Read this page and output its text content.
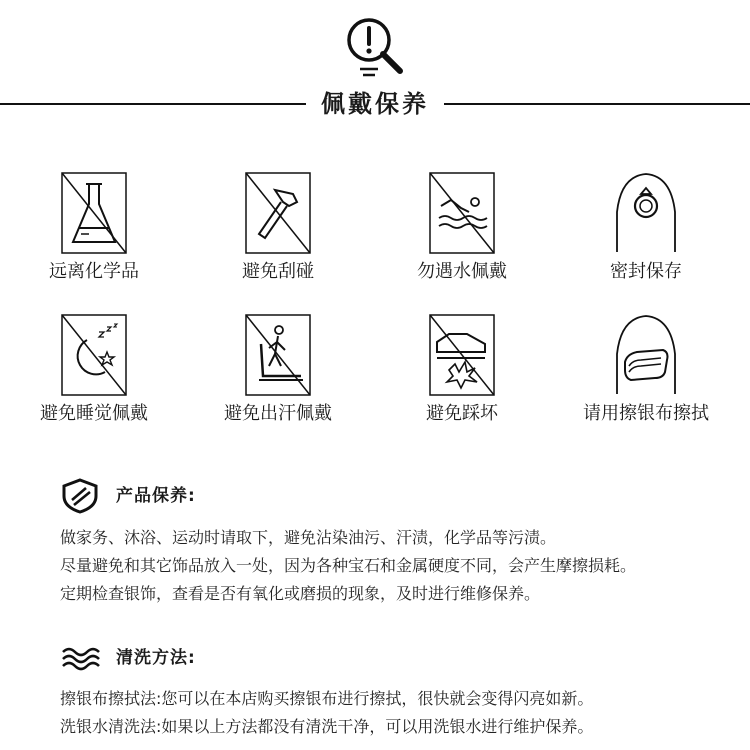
佩戴保养
远离化学品	避免刮碰	勿遇水佩戴	密封保存
避免睡觉佩戴	避免出汗佩戴	避免踩坏	请用擦银布擦拭
产品保养:
做家务、沐浴、运动时请取下，避免沾染油污、汗渍，化学品等污渍。
尽量避免和其它饰品放入一处，因为各种宝石和金属硬度不同，会产生摩擦损耗。
定期检查银饰，查看是否有氧化或磨损的现象，及时进行维修保养。
清洗方法:
擦银布擦拭法:您可以在本店购买擦银布进行擦拭，很快就会变得闪亮如新。
洗银水清洗法:如果以上方法都没有清洗干净，可以用洗银水进行维护保养。
